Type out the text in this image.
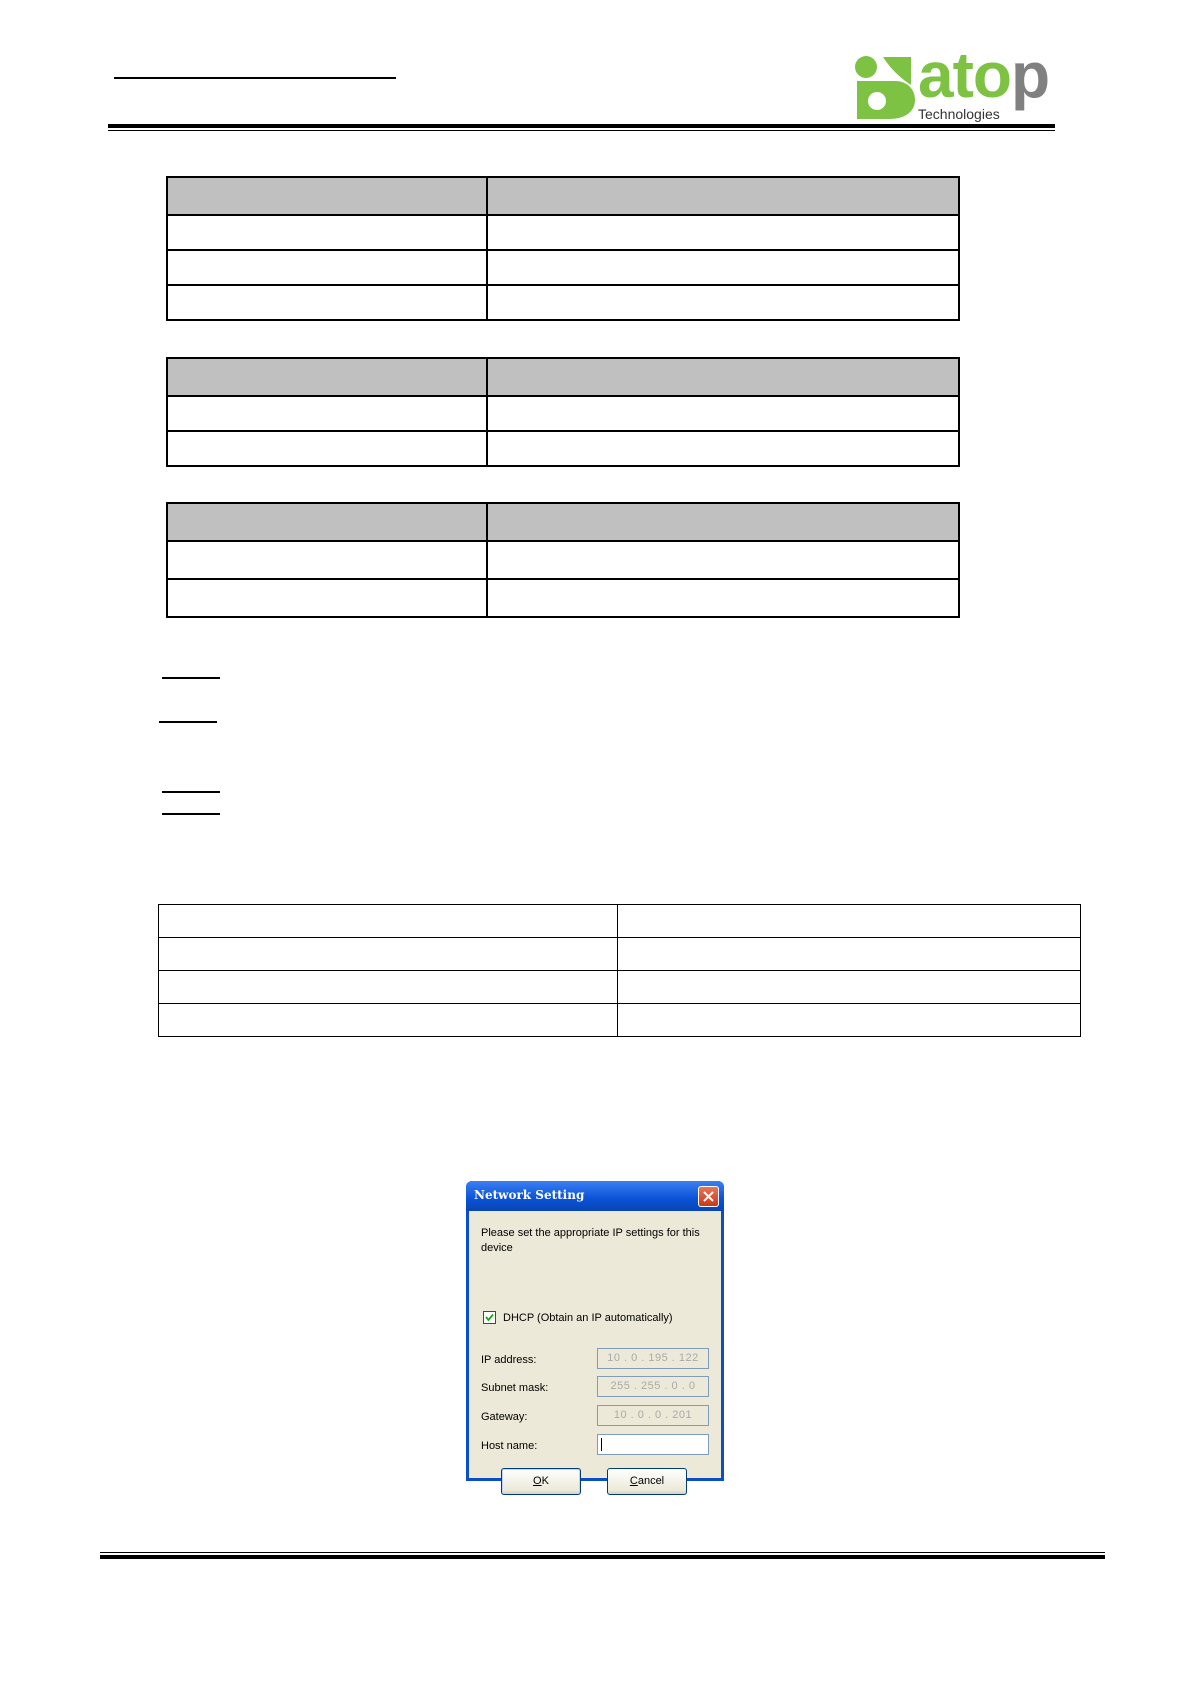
atop
Technologies

Network Setting
Please set the appropriate IP settings for this device
DHCP (Obtain an IP automatically)
IP address:	10 . 0 . 195 . 122
Subnet mask:	255 . 255 . 0 . 0
Gateway:	10 . 0 . 0 . 201
Host name:
OK	Cancel
